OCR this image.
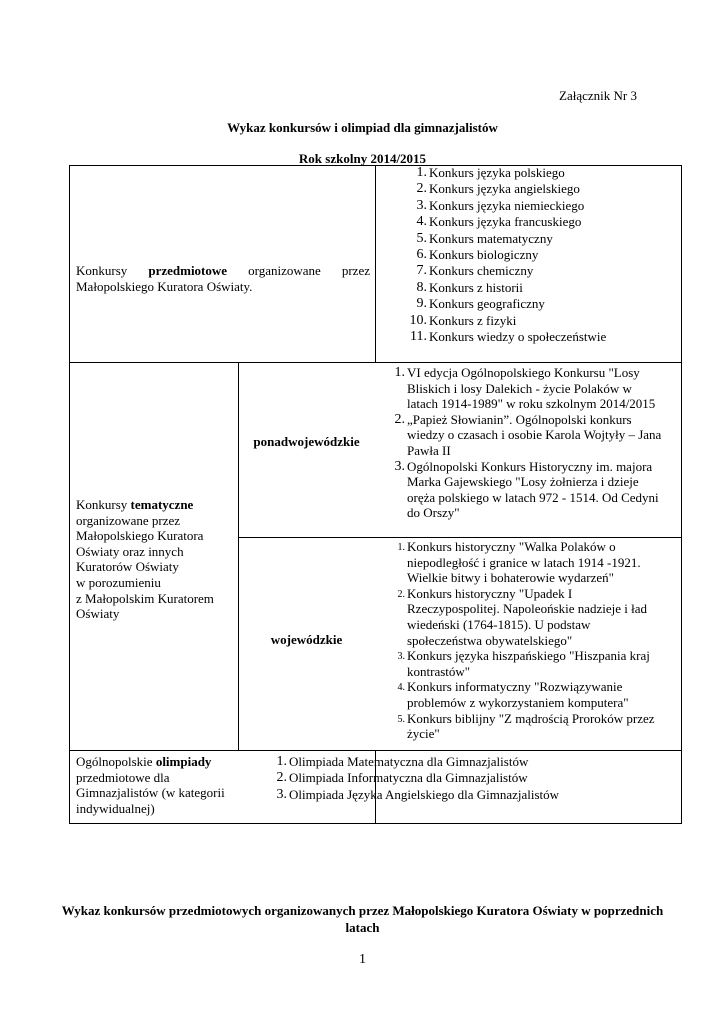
Załącznik Nr 3
Wykaz konkursów i olimpiad dla gimnazjalistów
Rok szkolny 2014/2015
Konkursy przedmiotowe organizowane przez
Małopolskiego Kuratora Oświaty.
1. Konkurs języka polskiego
2. Konkurs języka angielskiego
3. Konkurs języka niemieckiego
4. Konkurs języka francuskiego
5. Konkurs matematyczny
6. Konkurs biologiczny
7. Konkurs chemiczny
8. Konkurs z historii
9. Konkurs geograficzny
10. Konkurs z fizyki
11. Konkurs wiedzy o społeczeństwie
Konkursy tematyczne
organizowane przez
Małopolskiego Kuratora
Oświaty oraz innych
Kuratorów Oświaty
w porozumieniu
z Małopolskim Kuratorem
Oświaty
ponadwojewódzkie
1. VI edycja Ogólnopolskiego Konkursu "Losy
Bliskich i losy Dalekich - życie Polaków w
latach 1914-1989" w roku szkolnym 2014/2015
2. „Papież Słowianin”. Ogólnopolski konkurs
wiedzy o czasach i osobie Karola Wojtyły – Jana
Pawła II
3. Ogólnopolski Konkurs Historyczny im. majora
Marka Gajewskiego "Losy żołnierza i dzieje
oręża polskiego w latach 972 - 1514. Od Cedyni
do Orszy"
wojewódzkie
1. Konkurs historyczny "Walka Polaków o
niepodległość i granice w latach 1914 -1921.
Wielkie bitwy i bohaterowie wydarzeń"
2. Konkurs historyczny "Upadek I
Rzeczypospolitej. Napoleońskie nadzieje i ład
wiedeński (1764-1815). U podstaw
społeczeństwa obywatelskiego"
3. Konkurs języka hiszpańskiego "Hiszpania kraj
kontrastów"
4. Konkurs informatyczny "Rozwiązywanie
problemów z wykorzystaniem komputera"
5. Konkurs biblijny "Z mądrością Proroków przez
życie"
Ogólnopolskie olimpiady
przedmiotowe dla
Gimnazjalistów (w kategorii
indywidualnej)
1. Olimpiada Matematyczna dla Gimnazjalistów
2. Olimpiada Informatyczna dla Gimnazjalistów
3. Olimpiada Języka Angielskiego dla Gimnazjalistów
Wykaz konkursów przedmiotowych organizowanych przez Małopolskiego Kuratora Oświaty w poprzednich latach
1
